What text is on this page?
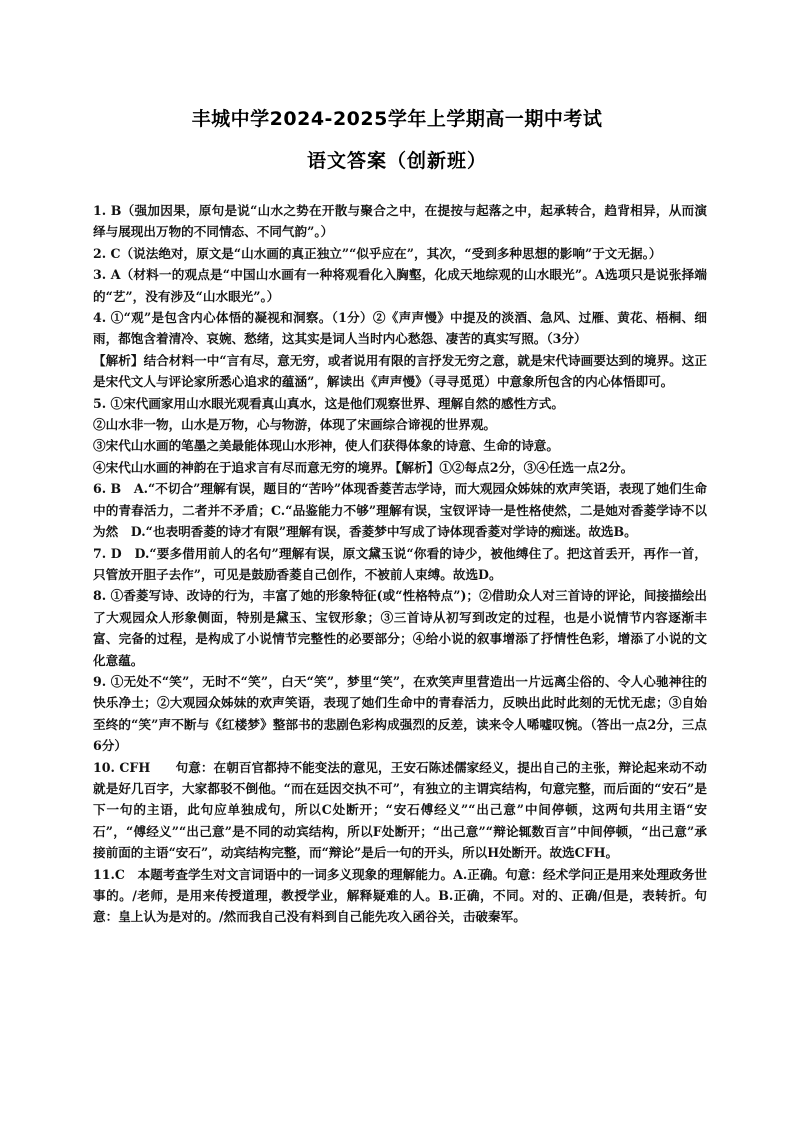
丰城中学2024-2025学年上学期高一期中考试
语文答案（创新班）

1. B（强加因果，原句是说“山水之势在开散与聚合之中，在提按与起落之中，起承转合，趋背相异，从而演绎与展现出万物的不同情态、不同气韵”。）

2. C（说法绝对，原文是“山水画的真正独立”“似乎应在”，其次，“受到多种思想的影响”于文无据。）

3. A（材料一的观点是“中国山水画有一种将观看化入胸壑，化成天地综观的山水眼光”。A选项只是说张择端的“艺”，没有涉及“山水眼光”。）

4. ①“观”是包含内心体悟的凝视和洞察。（1分）②《声声慢》中提及的淡酒、急风、过雁、黄花、梧桐、细雨，都饱含着清冷、哀婉、愁绪，这其实是词人当时内心愁怨、凄苦的真实写照。（3分）

【解析】结合材料一中“言有尽，意无穷，或者说用有限的言抒发无穷之意，就是宋代诗画要达到的境界。这正是宋代文人与评论家所悉心追求的蕴涵”，解读出《声声慢》（寻寻觅觅）中意象所包含的内心体悟即可。

5. ①宋代画家用山水眼光观看真山真水，这是他们观察世界、理解自然的感性方式。

②山水非一物，山水是万物，心与物游，体现了宋画综合谛视的世界观。

③宋代山水画的笔墨之美最能体现山水形神，使人们获得体象的诗意、生命的诗意。

④宋代山水画的神韵在于追求言有尽而意无穷的境界。【解析】①②每点2分，③④任选一点2分。

6. B　A.“不切合”理解有误，题目的“苦吟”体现香菱苦志学诗，而大观园众姊妹的欢声笑语，表现了她们生命中的青春活力，二者并不矛盾；C.“品鉴能力不够”理解有误，宝钗评诗一是性格使然，二是她对香菱学诗不以为然　D.“也表明香菱的诗才有限”理解有误，香菱梦中写成了诗体现香菱对学诗的痴迷。故选B。

7. D　D.“要多借用前人的名句”理解有误，原文黛玉说“你看的诗少，被他缚住了。把这首丢开，再作一首，只管放开胆子去作”，可见是鼓励香菱自己创作，不被前人束缚。故选D。

8. ①香菱写诗、改诗的行为，丰富了她的形象特征(或“性格特点”)；②借助众人对三首诗的评论，间接描绘出了大观园众人形象侧面，特别是黛玉、宝钗形象；③三首诗从初写到改定的过程，也是小说情节内容逐渐丰富、完备的过程，是构成了小说情节完整性的必要部分；④给小说的叙事增添了抒情性色彩，增添了小说的文化意蕴。

9. ①无处不“笑”，无时不“笑”，白天“笑”，梦里“笑”，在欢笑声里营造出一片远离尘俗的、令人心驰神往的快乐净土；②大观园众姊妹的欢声笑语，表现了她们生命中的青春活力，反映出此时此刻的无忧无虑；③自始至终的“笑”声不断与《红楼梦》整部书的悲剧色彩构成强烈的反差，读来令人唏嘘叹惋。（答出一点2分，三点6分）

10. CFH　　句意：在朝百官都持不能变法的意见，王安石陈述儒家经义，提出自己的主张，辩论起来动不动就是好几百字，大家都驳不倒他。“而在廷因交执不可”，有独立的主谓宾结构，句意完整，而后面的“安石”是下一句的主语，此句应单独成句，所以C处断开；“安石傅经义”“出己意”中间停顿，这两句共用主语“安石”，“傅经义”“出己意”是不同的动宾结构，所以F处断开；“出己意”“辩论辄数百言”中间停顿，“出己意”承接前面的主语“安石”，动宾结构完整，而“辩论”是后一句的开头，所以H处断开。故选CFH。

11.C　本题考查学生对文言词语中的一词多义现象的理解能力。A.正确。句意：经术学问正是用来处理政务世事的。/老师，是用来传授道理，教授学业，解释疑难的人。B.正确，不同。对的、正确/但是，表转折。句意：皇上认为是对的。/然而我自己没有料到自己能先攻入函谷关，击破秦军。
